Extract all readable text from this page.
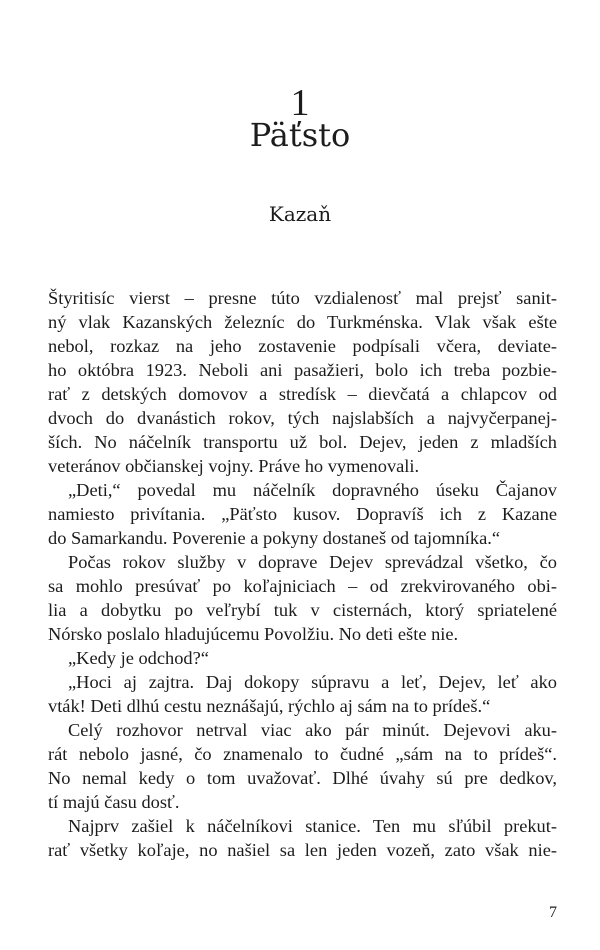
1
Päťsto
Kazaň
Štyritisíc vierst – presne túto vzdialenosť mal prejsť sanit-
ný vlak Kazanských železníc do Turkménska. Vlak však ešte
nebol, rozkaz na jeho zostavenie podpísali včera, deviate-
ho októbra 1923. Neboli ani pasažieri, bolo ich treba pozbie-
rať z detských domovov a stredísk – dievčatá a chlapcov od
dvoch do dvanástich rokov, tých najslabších a najvyčerpanej-
ších. No náčelník transportu už bol. Dejev, jeden z mladších
veteránov občianskej vojny. Práve ho vymenovali.
„Deti,“ povedal mu náčelník dopravného úseku Čajanov
namiesto privítania. „Päťsto kusov. Dopravíš ich z Kazane
do Samarkandu. Poverenie a pokyny dostaneš od tajomníka.“
Počas rokov služby v doprave Dejev sprevádzal všetko, čo
sa mohlo presúvať po koľajniciach – od zrekvirovaného obi-
lia a dobytku po veľrybí tuk v cisternách, ktorý spriatelené
Nórsko poslalo hladujúcemu Povolžiu. No deti ešte nie.
„Kedy je odchod?“
„Hoci aj zajtra. Daj dokopy súpravu a leť, Dejev, leť ako
vták! Deti dlhú cestu neznášajú, rýchlo aj sám na to prídeš.“
Celý rozhovor netrval viac ako pár minút. Dejevovi aku-
rát nebolo jasné, čo znamenalo to čudné „sám na to prídeš“.
No nemal kedy o tom uvažovať. Dlhé úvahy sú pre dedkov,
tí majú času dosť.
Najprv zašiel k náčelníkovi stanice. Ten mu sľúbil prekut-
rať všetky koľaje, no našiel sa len jeden vozeň, zato však nie-
7
